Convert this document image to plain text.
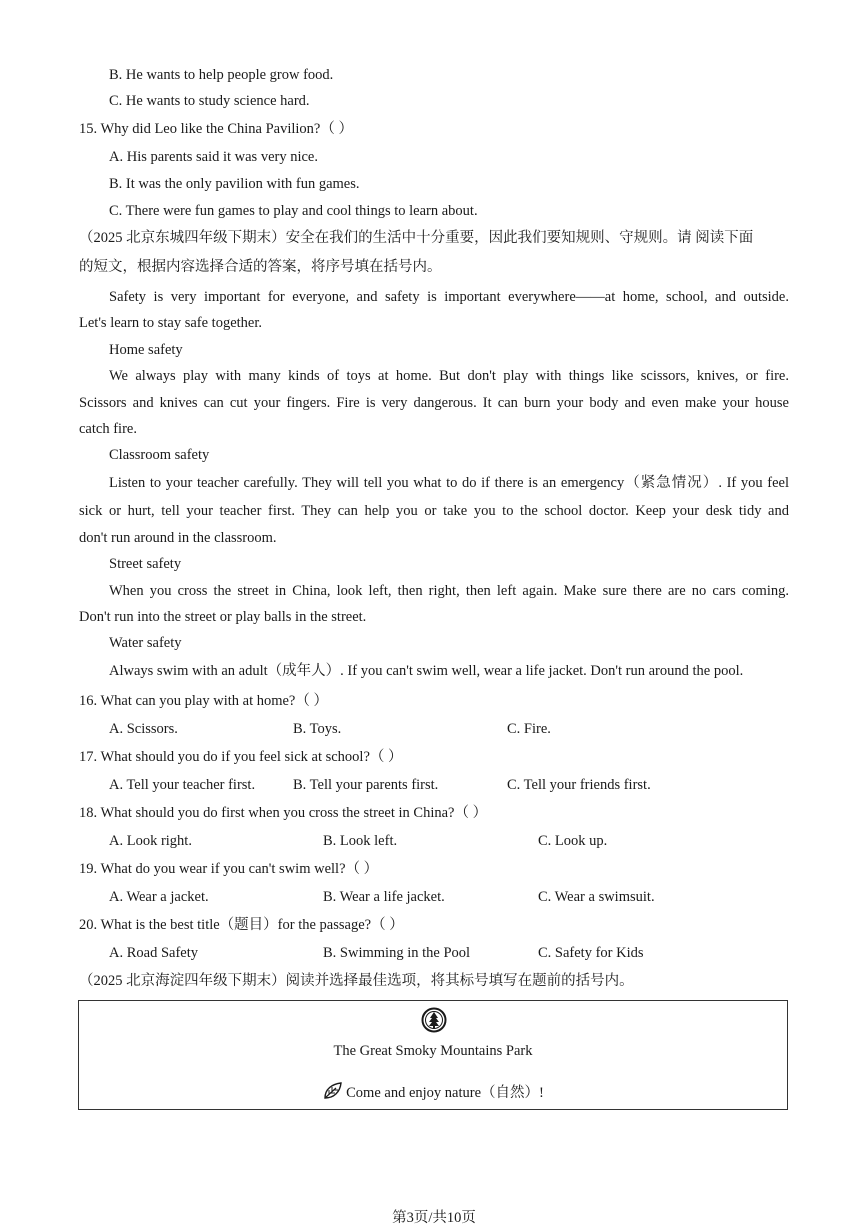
B. He wants to help people grow food.
C. He wants to study science hard.
15. Why did Leo like the China Pavilion?（ ）
A. His parents said it was very nice.
B. It was the only pavilion with fun games.
C. There were fun games to play and cool things to learn about.
（2025 北京东城四年级下期末）安全在我们的生活中十分重要，因此我们要知规则、守规则。请 阅读下面
的短文，根据内容选择合适的答案，将序号填在括号内。
Safety is very important for everyone, and safety is important everywhere——at home, school, and outside.
Let's learn to stay safe together.
Home safety
We always play with many kinds of toys at home. But don't play with things like scissors, knives, or fire.
Scissors and knives can cut your fingers. Fire is very dangerous. It can burn your body and even make your house
catch fire.
Classroom safety
Listen to your teacher carefully. They will tell you what to do if there is an emergency（紧急情况）. If you feel
sick or hurt, tell your teacher first. They can help you or take you to the school doctor. Keep your desk tidy and
don't run around in the classroom.
Street safety
When you cross the street in China, look left, then right, then left again. Make sure there are no cars coming.
Don't run into the street or play balls in the street.
Water safety
Always swim with an adult（成年人）. If you can't swim well, wear a life jacket. Don't run around the pool.
16. What can you play with at home?（ ）
A. Scissors.	B. Toys.	C. Fire.
17. What should you do if you feel sick at school?（ ）
A. Tell your teacher first.	B. Tell your parents first.	C. Tell your friends first.
18. What should you do first when you cross the street in China?（ ）
A. Look right.	B. Look left.	C. Look up.
19. What do you wear if you can't swim well?（ ）
A. Wear a jacket.	B. Wear a life jacket.	C. Wear a swimsuit.
20. What is the best title（题目）for the passage?（ ）
A. Road Safety	B. Swimming in the Pool	C. Safety for Kids
（2025 北京海淀四年级下期末）阅读并选择最佳选项，将其标号填写在题前的括号内。
The Great Smoky Mountains Park
Come and enjoy nature（自然）!
第3页/共10页
